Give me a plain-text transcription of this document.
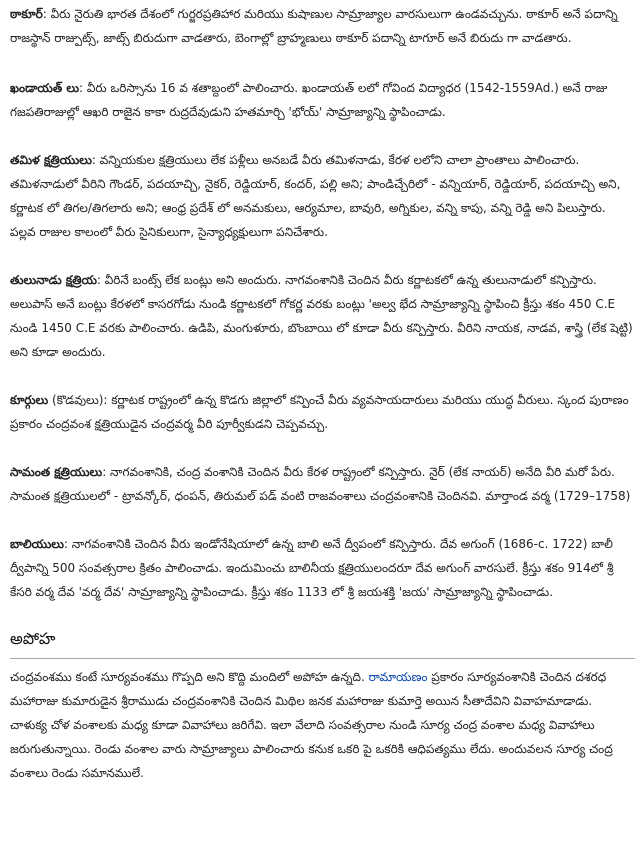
ఠాకూర్: వీరు నైరుతి భారత దేశంలో గుర్జరప్రతిహార మరియు కుషాణుల సామ్రాజ్యాల వారసులుగా ఉండవచ్చును. ఠాకూర్ అనే పదాన్ని రాజస్థాన్ రాజ్పుట్స్, జాట్స్ బిరుదుగా వాడతారు, బెంగాల్లో బ్రాహ్మణులు ఠాకూర్ పదాన్ని టాగూర్ అనే బిరుదు గా వాడతారు.

ఖండాయత్ లు: వీరు ఒరిస్సాను 16 వ శతాబ్దంలో పాలించారు. ఖండాయత్ లలో గోవింద విద్యాధర (1542-1559Ad.) అనే రాజు గజపతిరాజుల్లో ఆఖరి రాజైన కాకా రుద్రదేవుడుని హతమార్చి 'భోయ్' సామ్రాజ్యాన్ని స్థాపించాడు.

తమిళ క్షత్రియులు: వన్నియకుల క్షత్రియులు లేక పళ్లీలు అనబడే వీరు తమిళనాడు, కేరళ లలోని చాలా ప్రాంతాలు పాలించారు. తమిళనాడులో వీరిని గౌండర్, పదయాచ్చి, నైకర్, రెడ్డియార్, కందర్, పల్లి అని; పాండిచ్చేరిలో - వన్నియార్, రెడ్డియార్, పదయాచ్చి అని, కర్ణాటక లో తిగల/తిగలారు అని; ఆంధ్ర ప్రదేశ్ లో అనమకులు, ఆర్యమాల, బావురి, అగ్నికుల, వన్ని కాపు, వన్ని రెడ్డి అని పిలుస్తారు. పల్లవ రాజుల కాలంలో వీరు సైనికులుగా, సైన్యాధ్యక్షులుగా పనిచేశారు.

తులునాడు క్షత్రియ: వీరినే బంట్స్ లేక బంట్లు అని అందురు. నాగవంశానికి చెందిన వీరు కర్ణాటకలో ఉన్న తులునాడులో కన్పిస్తారు. అలుపాస్ అనే బంట్లు కేరళలో కాసరగోడు నుండి కర్ణాటకలో గోకర్ణ వరకు బంట్లు 'అల్వ భేద సామ్రాజ్యాన్ని స్థాపించి క్రీస్తు శకం 450 C.E నుండి 1450 C.E వరకు పాలించారు. ఉడిపి, మంగుళూరు, బొంబాయి లో కూడా వీరు కన్పిస్తారు. వీరిని నాయక, నాడవ, శాస్త్రి (లేక షెట్టి) అని కూడా అందురు.

కూర్గులు (కొడవులు): కర్ణాటక రాష్ట్రంలో ఉన్న కొడగు జిల్లాలో కన్పించే వీరు వ్యవసాయదారులు మరియు యుద్ధ వీరులు. స్కంద పురాణం ప్రకారం చంద్రవంశ క్షత్రియుడైన చంద్రవర్మ వీరి పూర్వీకుడని చెప్పవచ్చు.

సామంత క్షత్రియులు: నాగవంశానికి, చంద్ర వంశానికి చెందిన వీరు కేరళ రాష్ట్రంలో కన్పిస్తారు. నైర్ (లేక నాయర్) అనేది వీరి మరో పేరు. సామంత క్షత్రియులలో - ట్రావన్కోర్, ధంపన్, తిరుమల్ పడ్ వంటి రాజవంశాలు చంద్రవంశానికి చెందినవి. మార్తాండ వర్మ (1729–1758)

బాలియులు: నాగవంశానికి చెందిన వీరు ఇండోనేషియాలో ఉన్న బాలి అనే ద్వీపంలో కన్పిస్తారు. దేవ అగుంగ్ (1686-c. 1722) బాలీ ద్వీపాన్ని 500 సంవత్సరాల క్రితం పాలించాడు. ఇందుమించు బాలినీయ క్షత్రియులందరూ దేవ అగుంగ్ వారసులే. క్రీస్తు శకం 914లో శ్రీ కేసరి వర్మ దేవ 'వర్మ దేవ' సామ్రాజ్యాన్ని స్థాపించాడు. క్రీస్తు శకం 1133 లో శ్రీ జయశక్తి 'జయ' సామ్రాజ్యాన్ని స్థాపించాడు.

అపోహ

చంద్రవంశము కంటే సూర్యవంశము గొప్పది అని కొద్ది మందిలో అపోహ ఉన్నది. రామాయణం ప్రకారం సూర్యవంశానికి చెందిన దశరధ మహారాజు కుమారుడైన శ్రీరాముడు చంద్రవంశానికి చెందిన మిథిల జనక మహారాజు కుమార్తె అయిన సీతాదేవిని వివాహమాడాడు.

చాళుక్య చోళ వంశాలకు మధ్య కూడా వివాహాలు జరిగేవి. ఇలా వేలాది సంవత్సరాల నుండి సూర్య చంద్ర వంశాల మధ్య వివాహాలు జరుగుతున్నాయి. రెండు వంశాల వారు సామ్రాజ్యాలు పాలించారు కనుక ఒకరి పై ఒకరికి ఆధిపత్యము లేదు. అందువలన సూర్య చంద్ర వంశాలు రెండు సమానములే.
